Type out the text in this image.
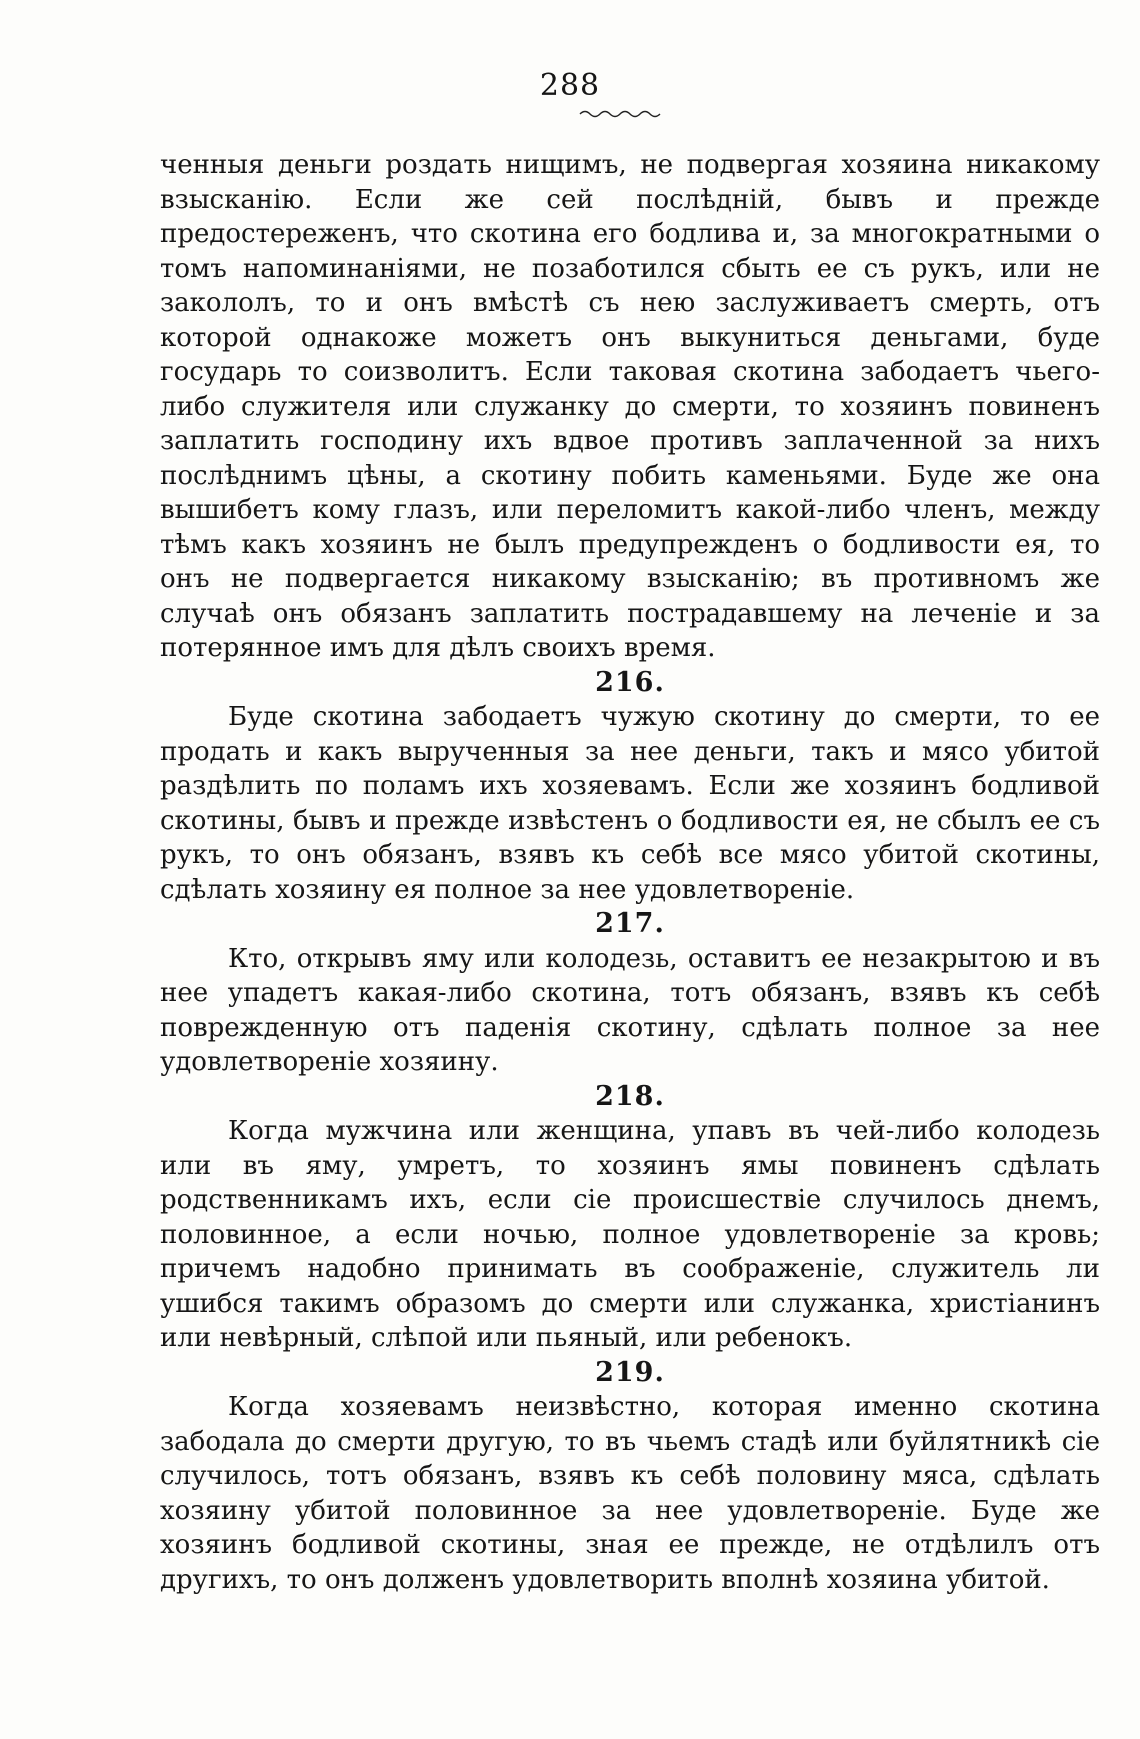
288

ченныя деньги роздать нищимъ, не подвергая хозяина никакому взысканію. Если же сей послѣдній, бывъ и прежде предостереженъ, что скотина его бодлива и, за многократными о томъ напоминаніями, не позаботился сбыть ее съ рукъ, или не закололъ, то и онъ вмѣстѣ съ нею заслуживаетъ смерть, отъ которой однакоже можетъ онъ выкуниться деньгами, буде государь то соизволитъ. Если таковая скотина забодаетъ чьего-либо служителя или служанку до смерти, то хозяинъ повиненъ заплатить господину ихъ вдвое противъ заплаченной за нихъ послѣднимъ цѣны, а скотину побить каменьями. Буде же она вышибетъ кому глазъ, или переломитъ какой-либо членъ, между тѣмъ какъ хозяинъ не былъ предупрежденъ о бодливости ея, то онъ не подвергается никакому взысканію; въ противномъ же случаѣ онъ обязанъ заплатить пострадавшему на леченіе и за потерянное имъ для дѣлъ своихъ время.

216.

Буде скотина забодаетъ чужую скотину до смерти, то ее продать и какъ вырученныя за нее деньги, такъ и мясо убитой раздѣлить по поламъ ихъ хозяевамъ. Если же хозяинъ бодливой скотины, бывъ и прежде извѣстенъ о бодливости ея, не сбылъ ее съ рукъ, то онъ обязанъ, взявъ къ себѣ все мясо убитой скотины, сдѣлать хозяину ея полное за нее удовлетвореніе.

217.

Кто, открывъ яму или колодезь, оставитъ ее незакрытою и въ нее упадетъ какая-либо скотина, тотъ обязанъ, взявъ къ себѣ поврежденную отъ паденія скотину, сдѣлать полное за нее удовлетвореніе хозяину.

218.

Когда мужчина или женщина, упавъ въ чей-либо колодезь или въ яму, умретъ, то хозяинъ ямы повиненъ сдѣлать родственникамъ ихъ, если сіе происшествіе случилось днемъ, половинное, а если ночью, полное удовлетвореніе за кровь; причемъ надобно принимать въ соображеніе, служитель ли ушибся такимъ образомъ до смерти или служанка, христіанинъ или невѣрный, слѣпой или пьяный, или ребенокъ.

219.

Когда хозяевамъ неизвѣстно, которая именно скотина забодала до смерти другую, то въ чьемъ стадѣ или буйлятникѣ сіе случилось, тотъ обязанъ, взявъ къ себѣ половину мяса, сдѣлать хозяину убитой половинное за нее удовлетвореніе. Буде же хозяинъ бодливой скотины, зная ее прежде, не отдѣлилъ отъ другихъ, то онъ долженъ удовлетворить вполнѣ хозяина убитой.
